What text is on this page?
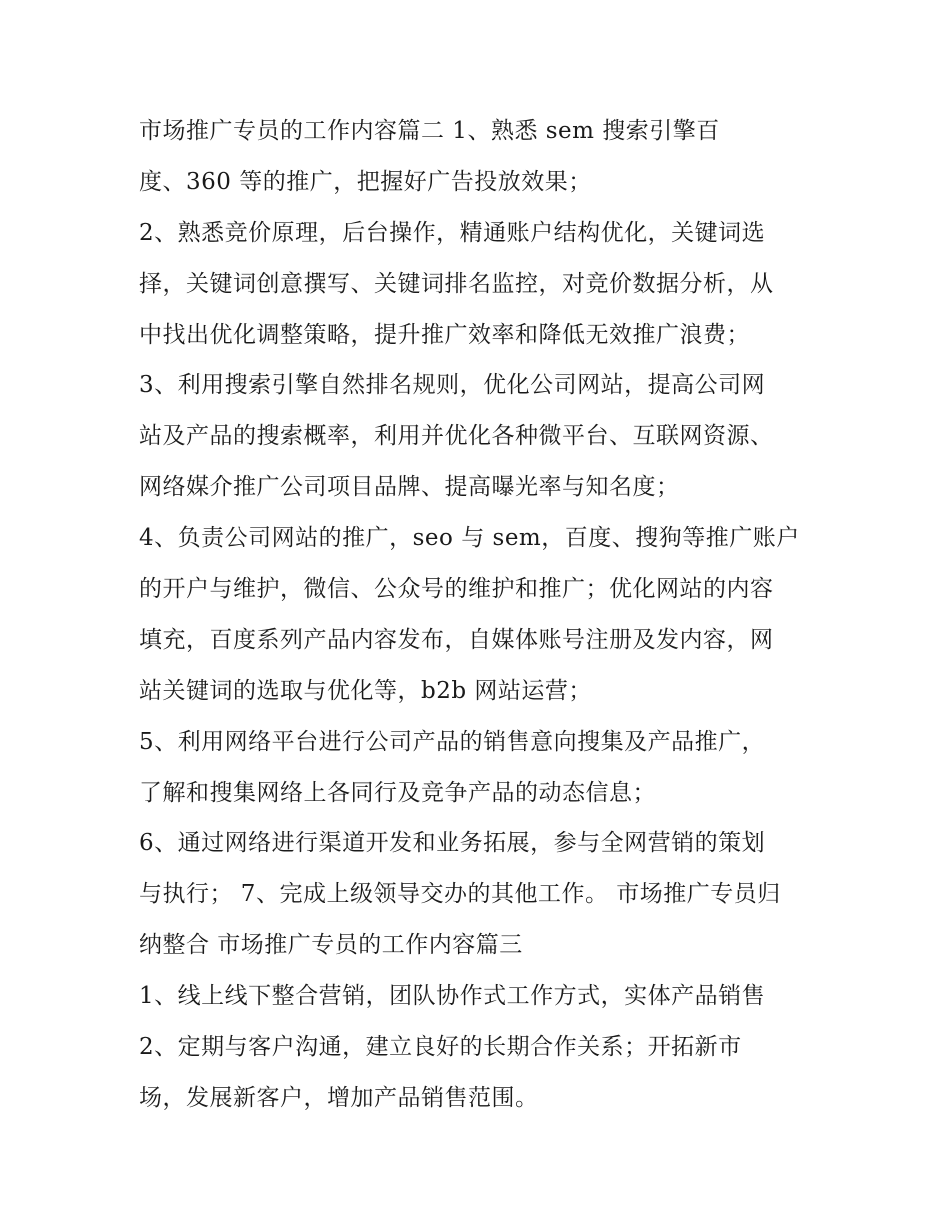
市场推广专员的工作内容篇二 1、熟悉 sem 搜索引擎百
度、360 等的推广，把握好广告投放效果；
2、熟悉竞价原理，后台操作，精通账户结构优化，关键词选
择，关键词创意撰写、关键词排名监控，对竞价数据分析，从
中找出优化调整策略，提升推广效率和降低无效推广浪费；
3、利用搜索引擎自然排名规则，优化公司网站，提高公司网
站及产品的搜索概率，利用并优化各种微平台、互联网资源、
网络媒介推广公司项目品牌、提高曝光率与知名度；
4、负责公司网站的推广，seo 与 sem，百度、搜狗等推广账户
的开户与维护，微信、公众号的维护和推广；优化网站的内容
填充，百度系列产品内容发布，自媒体账号注册及发内容，网
站关键词的选取与优化等，b2b 网站运营；
5、利用网络平台进行公司产品的销售意向搜集及产品推广，
了解和搜集网络上各同行及竞争产品的动态信息；
6、通过网络进行渠道开发和业务拓展，参与全网营销的策划
与执行； 7、完成上级领导交办的其他工作。 市场推广专员归
纳整合 市场推广专员的工作内容篇三
1、线上线下整合营销，团队协作式工作方式，实体产品销售
2、定期与客户沟通，建立良好的长期合作关系；开拓新市
场，发展新客户，增加产品销售范围。
